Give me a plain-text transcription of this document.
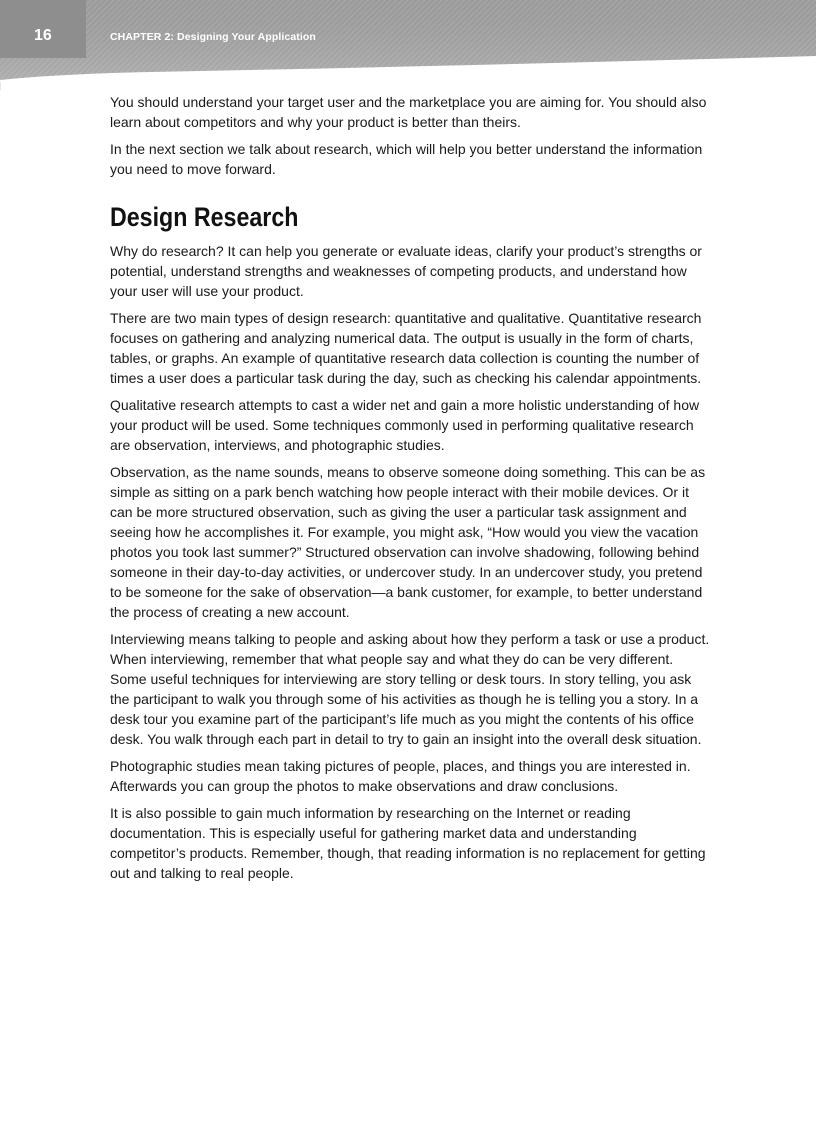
16	CHAPTER 2: Designing Your Application

You should understand your target user and the marketplace you are aiming for. You should also learn about competitors and why your product is better than theirs.

In the next section we talk about research, which will help you better understand the information you need to move forward.

Design Research

Why do research? It can help you generate or evaluate ideas, clarify your product’s strengths or potential, understand strengths and weaknesses of competing products, and understand how your user will use your product.

There are two main types of design research: quantitative and qualitative. Quantitative research focuses on gathering and analyzing numerical data. The output is usually in the form of charts, tables, or graphs. An example of quantitative research data collection is counting the number of times a user does a particular task during the day, such as checking his calendar appointments.

Qualitative research attempts to cast a wider net and gain a more holistic understanding of how your product will be used. Some techniques commonly used in performing qualitative research are observation, interviews, and photographic studies.

Observation, as the name sounds, means to observe someone doing something. This can be as simple as sitting on a park bench watching how people interact with their mobile devices. Or it can be more structured observation, such as giving the user a particular task assignment and seeing how he accomplishes it. For example, you might ask, “How would you view the vacation photos you took last summer?” Structured observation can involve shadowing, following behind someone in their day-to-day activities, or undercover study. In an undercover study, you pretend to be someone for the sake of observation—a bank customer, for example, to better understand the process of creating a new account.

Interviewing means talking to people and asking about how they perform a task or use a product. When interviewing, remember that what people say and what they do can be very different. Some useful techniques for interviewing are story telling or desk tours. In story telling, you ask the participant to walk you through some of his activities as though he is telling you a story. In a desk tour you examine part of the participant’s life much as you might the contents of his office desk. You walk through each part in detail to try to gain an insight into the overall desk situation.

Photographic studies mean taking pictures of people, places, and things you are interested in. Afterwards you can group the photos to make observations and draw conclusions.

It is also possible to gain much information by researching on the Internet or reading documentation. This is especially useful for gathering market data and understanding competitor’s products. Remember, though, that reading information is no replacement for getting out and talking to real people.
